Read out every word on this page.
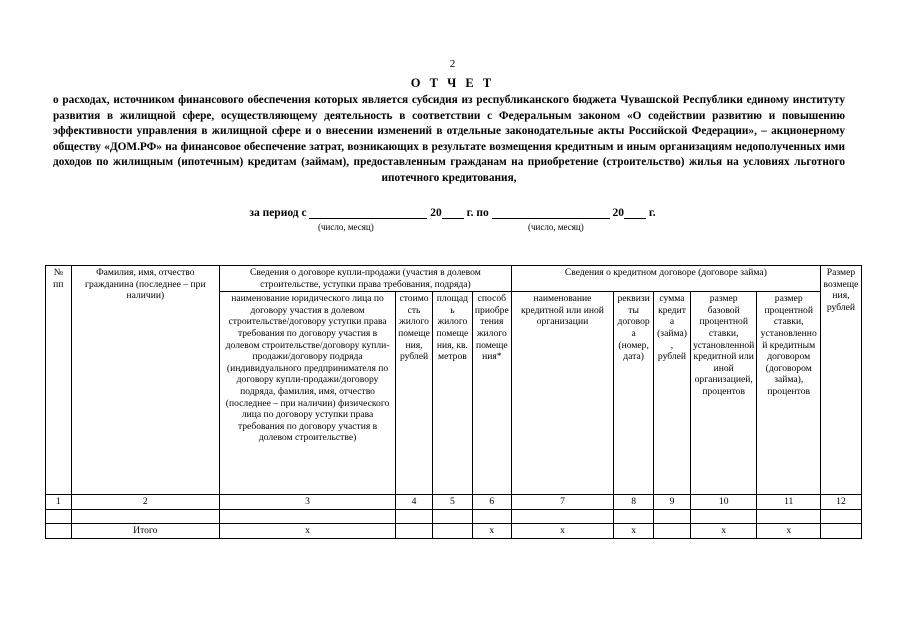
2
О Т Ч Е Т

о расходах, источником финансового обеспечения которых является субсидия из республиканского бюджета Чувашской Республики единому институту развития в жилищной сфере, осуществляющему деятельность в соответствии с Федеральным законом «О содействии развитию и повышению эффективности управления в жилищной сфере и о внесении изменений в отдельные законодательные акты Российской Федерации», – акционерному обществу «ДОМ.РФ» на финансовое обеспечение затрат, возникающих в результате возмещения кредитным и иным организациям недополученных ими доходов по жилищным (ипотечным) кредитам (займам), предоставленным гражданам на приобретение (строительство) жилья на условиях льготного ипотечного кредитования,

за период с	20 г. по	20 г.
(число, месяц)	(число, месяц)
№ пп	Фамилия, имя, отчество гражданина (последнее – при наличии)	Сведения о договоре купли-продажи (участия в долевом строительстве, уступки права требования, подряда)				Сведения о кредитном договоре (договоре займа)					Размер возмещения, рублей
		наименование юридического лица по договору участия в долевом строительстве/договору уступки права требования по договору участия в долевом строительстве/договору купли-продажи/договору подряда (индивидуального предпринимателя по договору купли-продажи/договору подряда, фамилия, имя, отчество (последнее – при наличии) физического лица по договору уступки права требования по договору участия в долевом строительстве)	стоимость жилого помещения, рублей	площадь жилого помещения, кв. метров	способ приобретения жилого помещения*	наименование кредитной или иной организации	реквизиты договора (номер, дата)	сумма кредита (займа), рублей	размер базовой процентной ставки, установленной кредитной или иной организацией, процентов	размер процентной ставки, установленной кредитным договором (договором займа), процентов	
1	2	3	4	5	6	7	8	9	10	11	12

	Итого	х			х	х	х		х	х	
